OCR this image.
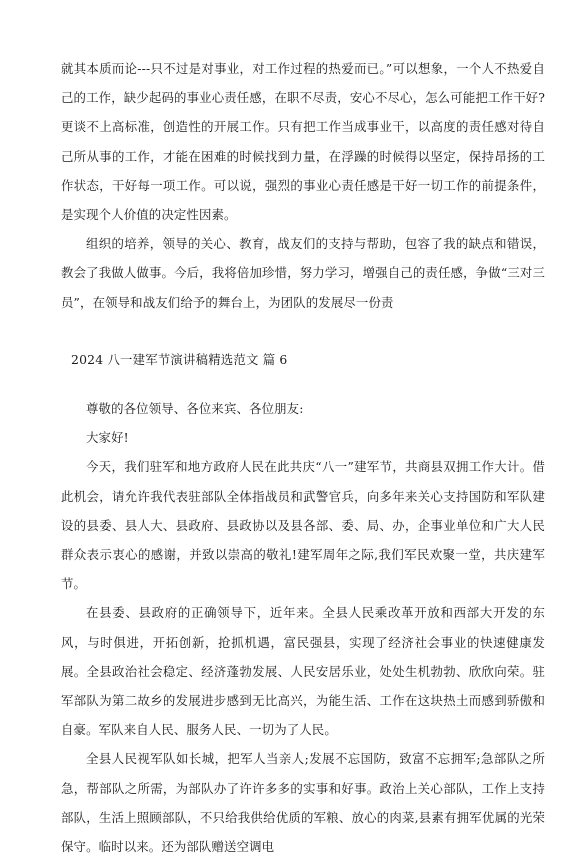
就其本质而论---只不过是对事业，对工作过程的热爱而已。”可以想象，一个人不热爱自己的工作，缺少起码的事业心责任感，在职不尽责，安心不尽心，怎么可能把工作干好?更谈不上高标准，创造性的开展工作。只有把工作当成事业干，以高度的责任感对待自己所从事的工作，才能在困难的时候找到力量，在浮躁的时候得以坚定，保持昂扬的工作状态，干好每一项工作。可以说，强烈的事业心责任感是干好一切工作的前提条件，是实现个人价值的决定性因素。

组织的培养，领导的关心、教育，战友们的支持与帮助，包容了我的缺点和错误，教会了我做人做事。今后，我将倍加珍惜，努力学习，增强自己的责任感，争做“三对三员”，在领导和战友们给予的舞台上，为团队的发展尽一份责

2024 八一建军节演讲稿精选范文 篇 6

尊敬的各位领导、各位来宾、各位朋友:

大家好!

今天，我们驻军和地方政府人民在此共庆“八一”建军节，共商县双拥工作大计。借此机会，请允许我代表驻部队全体指战员和武警官兵，向多年来关心支持国防和军队建设的县委、县人大、县政府、县政协以及县各部、委、局、办，企事业单位和广大人民群众表示衷心的感谢，并致以崇高的敬礼!建军周年之际,我们军民欢聚一堂，共庆建军节。

在县委、县政府的正确领导下，近年来。全县人民乘改革开放和西部大开发的东风，与时俱进，开拓创新，抢抓机遇，富民强县，实现了经济社会事业的快速健康发展。全县政治社会稳定、经济蓬勃发展、人民安居乐业，处处生机勃勃、欣欣向荣。驻军部队为第二故乡的发展进步感到无比高兴，为能生活、工作在这块热土而感到骄傲和自豪。军队来自人民、服务人民、一切为了人民。

全县人民视军队如长城，把军人当亲人;发展不忘国防，致富不忘拥军;急部队之所急，帮部队之所需，为部队办了许许多多的实事和好事。政治上关心部队，工作上支持部队，生活上照顾部队，不只给我供给优质的军粮、放心的肉菜,县素有拥军优属的光荣保守。临时以来。还为部队赠送空调电
